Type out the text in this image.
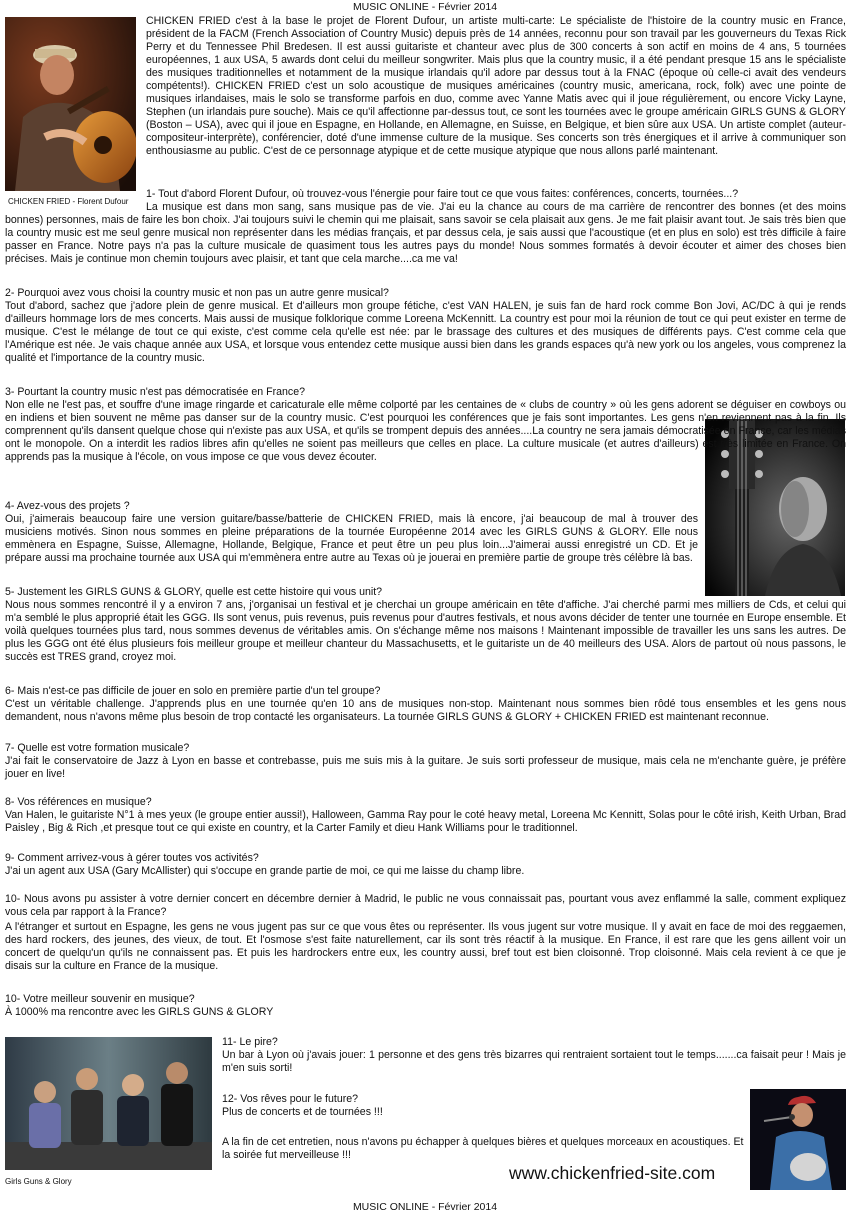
MUSIC ONLINE - Février 2014
CHICKEN FRIED - Florent Dufour

CHICKEN FRIED c'est à la base le projet de Florent Dufour, un artiste multi-carte: Le spécialiste de l'histoire de la country music en France, président de la FACM (French Association of Country Music) depuis près de 14 années, reconnu pour son travail par les gouverneurs du Texas Rick Perry et du Tennessee Phil Bredesen. Il est aussi guitariste et chanteur avec plus de 300 concerts à son actif en moins de 4 ans, 5 tournées européennes, 1 aux USA, 5 awards dont celui du meilleur songwriter. Mais plus que la country music, il a été pendant presque 15 ans le spécialiste des musiques traditionnelles et notamment de la musique irlandais qu'il adore par dessus tout à la FNAC (époque où celle-ci avait des vendeurs compétents!). CHICKEN FRIED c'est un solo acoustique de musiques américaines (country music, americana, rock, folk) avec une pointe de musiques irlandaises, mais le solo se transforme parfois en duo, comme avec Yanne Matis avec qui il joue régulièrement, ou encore Vicky Layne, Stephen (un irlandais pure souche). Mais ce qu'il affectionne par-dessus tout, ce sont les tournées avec le groupe américain GIRLS GUNS & GLORY (Boston – USA), avec qui il joue en Espagne, en Hollande, en Allemagne, en Suisse, en Belgique, et bien sûre aux USA. Un artiste complet (auteur-compositeur-interprète), conférencier, doté d'une immense culture de la musique. Ses concerts son très énergiques et il arrive à communiquer son enthousiasme au public. C'est de ce personnage atypique et de cette musique atypique que nous allons parlé maintenant.

1- Tout d'abord Florent Dufour, où trouvez-vous l'énergie pour faire tout ce que vous faites: conférences, concerts, tournées...?

La musique est dans mon sang, sans musique pas de vie. J'ai eu la chance au cours de ma carrière de rencontrer des bonnes (et des moins bonnes) personnes, mais de faire les bon choix. J'ai toujours suivi le chemin qui me plaisait, sans savoir se cela plaisait aux gens. Je me fait plaisir avant tout. Je sais très bien que la country music est me seul genre musical non représenter dans les médias français, et par dessus cela, je sais aussi que l'acoustique (et en plus en solo) est très difficile à faire passer en France. Notre pays n'a pas la culture musicale de quasiment tous les autres pays du monde! Nous sommes formatés à devoir écouter et aimer des choses bien précises. Mais je continue mon chemin toujours avec plaisir, et tant que cela marche....ca me va!

2- Pourquoi avez vous choisi la country music et non pas un autre genre musical?

Tout d'abord, sachez que j'adore plein de genre musical. Et d'ailleurs mon groupe fétiche, c'est VAN HALEN, je suis fan de hard rock comme Bon Jovi, AC/DC à qui je rends d'ailleurs hommage lors de mes concerts. Mais aussi de musique folklorique comme Loreena McKennitt. La country est pour moi la réunion de tout ce qui peut exister en terme de musique. C'est le mélange de tout ce qui existe, c'est comme cela qu'elle est née: par le brassage des cultures et des musiques de différents pays. C'est comme cela que l'Amérique est née. Je vais chaque année aux USA, et lorsque vous entendez cette musique aussi bien dans les grands espaces qu'à new york ou los angeles, vous comprenez la qualité et l'importance de la country music.

3- Pourtant la country music n'est pas démocratisée en France?

Non elle ne l'est pas, et souffre d'une image ringarde et caricaturale elle même colporté par les centaines de « clubs de country » où les gens adorent se déguiser en cowboys ou en indiens et bien souvent ne même pas danser sur de la country music. C'est pourquoi les conférences que je fais sont importantes. Les gens n'en reviennent pas à la fin. Ils comprennent qu'ils dansent quelque chose qui n'existe pas aux USA, et qu'ils se trompent depuis des années....La country ne sera jamais démocratisée en France, car les médias ont le monopole. On a interdit les radios libres afin qu'elles ne soient pas meilleurs que celles en place. La culture musicale (et autres d'ailleurs) est très limitée en France. On apprends pas la musique à l'école, on vous impose ce que vous devez écouter.

4- Avez-vous des projets ?

Oui, j'aimerais beaucoup faire une version guitare/basse/batterie de CHICKEN FRIED, mais là encore, j'ai beaucoup de mal à trouver des musiciens motivés. Sinon nous sommes en pleine préparations de la tournée Européenne 2014 avec les GIRLS GUNS & GLORY. Elle nous emmènera en Espagne, Suisse, Allemagne, Hollande, Belgique, France et peut être un peu plus loin...J'aimerai aussi enregistré un CD. Et je prépare aussi ma prochaine tournée aux USA qui m'emmènera entre autre au Texas où je jouerai en première partie de groupe très célèbre là bas.

5- Justement les GIRLS GUNS & GLORY, quelle est cette histoire qui vous unit?

Nous nous sommes rencontré il y a environ 7 ans, j'organisai un festival et je cherchai un groupe américain en tête d'affiche. J'ai cherché parmi mes milliers de Cds, et celui qui m'a semblé le plus approprié était les GGG. Ils sont venus, puis revenus, puis revenus pour d'autres festivals, et nous avons décider de tenter une tournée en Europe ensemble. Et voilà quelques tournées plus tard, nous sommes devenus de véritables amis. On s'échange même nos maisons ! Maintenant impossible de travailler les uns sans les autres. De plus les GGG ont été élus plusieurs fois meilleur groupe et meilleur chanteur du Massachusetts, et le guitariste un de 40 meilleurs des USA. Alors de partout où nous passons, le succès est TRES grand, croyez moi.

6- Mais n'est-ce pas difficile de jouer en solo en première partie d'un tel groupe?

C'est un véritable challenge. J'apprends plus en une tournée qu'en 10 ans de musiques non-stop. Maintenant nous sommes bien rôdé tous ensembles et les gens nous demandent, nous n'avons même plus besoin de trop contacté les organisateurs. La tournée GIRLS GUNS & GLORY + CHICKEN FRIED est maintenant reconnue.

7- Quelle est votre formation musicale?

J'ai fait le conservatoire de Jazz à Lyon en basse et contrebasse, puis me suis mis à la guitare. Je suis sorti professeur de musique, mais cela ne m'enchante guère, je préfère jouer en live!

8- Vos références en musique?

Van Halen, le guitariste N°1 à mes yeux (le groupe entier aussi!), Halloween, Gamma Ray pour le coté heavy metal, Loreena Mc Kennitt, Solas pour le côté irish, Keith Urban, Brad Paisley , Big & Rich ,et presque tout ce qui existe en country, et la Carter Family et dieu Hank Williams pour le traditionnel.

9- Comment arrivez-vous à gérer toutes vos activités?

J'ai un agent aux USA (Gary McAllister) qui s'occupe en grande partie de moi, ce qui me laisse du champ libre.

10- Nous avons pu assister à votre dernier concert en décembre dernier à Madrid, le public ne vous connaissait pas, pourtant vous avez enflammé la salle, comment expliquez vous cela par rapport à la France?

A l'étranger et surtout en Espagne, les gens ne vous jugent pas sur ce que vous êtes ou représenter. Ils vous jugent sur votre musique. Il y avait en face de moi des reggaemen, des hard rockers, des jeunes, des vieux, de tout. Et l'osmose s'est faite naturellement, car ils sont très réactif à la musique. En France, il est rare que les gens aillent voir un concert de quelqu'un qu'ils ne connaissent pas. Et puis les hardrockers entre eux, les country aussi, bref tout est bien cloisonné. Trop cloisonné. Mais cela revient à ce que je disais sur la culture en France de la musique.

10- Votre meilleur souvenir en musique?

À 1000% ma rencontre avec les GIRLS GUNS & GLORY

Girls Guns & Glory

11- Le pire?

Un bar à Lyon où j'avais jouer: 1 personne et des gens très bizarres qui rentraient sortaient tout le temps.......ca faisait peur ! Mais je m'en suis sorti!

12- Vos rêves pour le future?

Plus de concerts et de tournées !!!

A la fin de cet entretien, nous n'avons pu échapper à quelques bières et quelques morceaux en acoustiques. Et la soirée fut merveilleuse !!!

www.chickenfried-site.com
MUSIC ONLINE - Février 2014
